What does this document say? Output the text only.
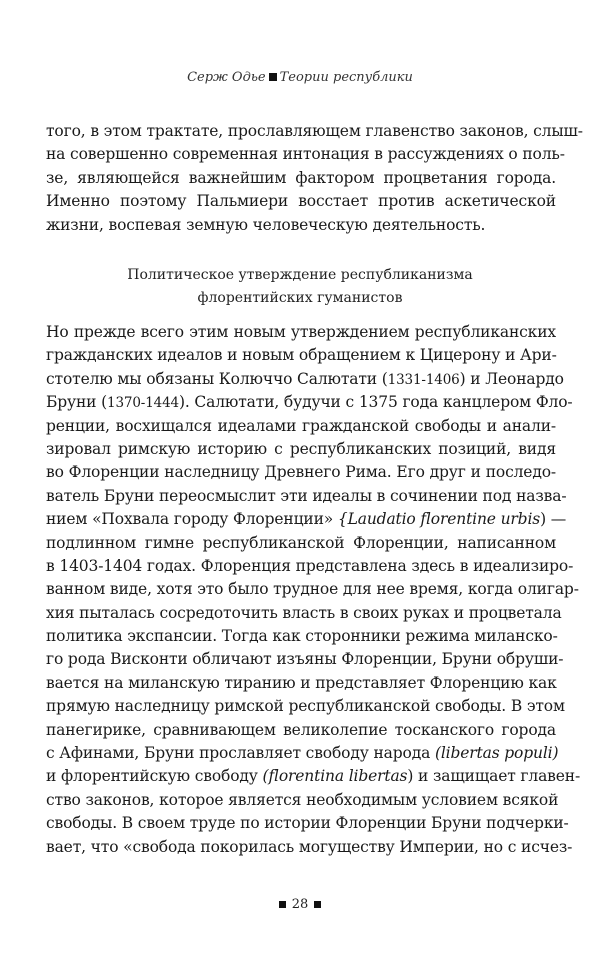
Серж Одье Теории республики
того, в этом трактате, прославляющем главенство законов, слыш-
на совершенно современная интонация в рассуждениях о поль-
зе, являющейся важнейшим фактором процветания города.
Именно поэтому Пальмиери восстает против аскетической
жизни, воспевая земную человеческую деятельность.
Политическое утверждение республиканизма
флорентийских гуманистов
Но прежде всего этим новым утверждением республиканских
гражданских идеалов и новым обращением к Цицерону и Ари-
стотелю мы обязаны Колюччо Салютати (1331-1406) и Леонардо
Бруни (1370-1444). Салютати, будучи с 1375 года канцлером Фло-
ренции, восхищался идеалами гражданской свободы и анали-
зировал римскую историю с республиканских позиций, видя
во Флоренции наследницу Древнего Рима. Его друг и последо-
ватель Бруни переосмыслит эти идеалы в сочинении под назва-
нием «Похвала городу Флоренции» {Laudatio florentine urbis) —
подлинном гимне республиканской Флоренции, написанном
в 1403-1404 годах. Флоренция представлена здесь в идеализиро-
ванном виде, хотя это было трудное для нее время, когда олигар-
хия пыталась сосредоточить власть в своих руках и процветала
политика экспансии. Тогда как сторонники режима миланско-
го рода Висконти обличают изъяны Флоренции, Бруни обруши-
вается на миланскую тиранию и представляет Флоренцию как
прямую наследницу римской республиканской свободы. В этом
панегирике, сравнивающем великолепие тосканского города
с Афинами, Бруни прославляет свободу народа (libertas populi)
и флорентийскую свободу (florentina libertas) и защищает главен-
ство законов, которое является необходимым условием всякой
свободы. В своем труде по истории Флоренции Бруни подчерки-
вает, что «свобода покорилась могуществу Империи, но с исчез-
28
